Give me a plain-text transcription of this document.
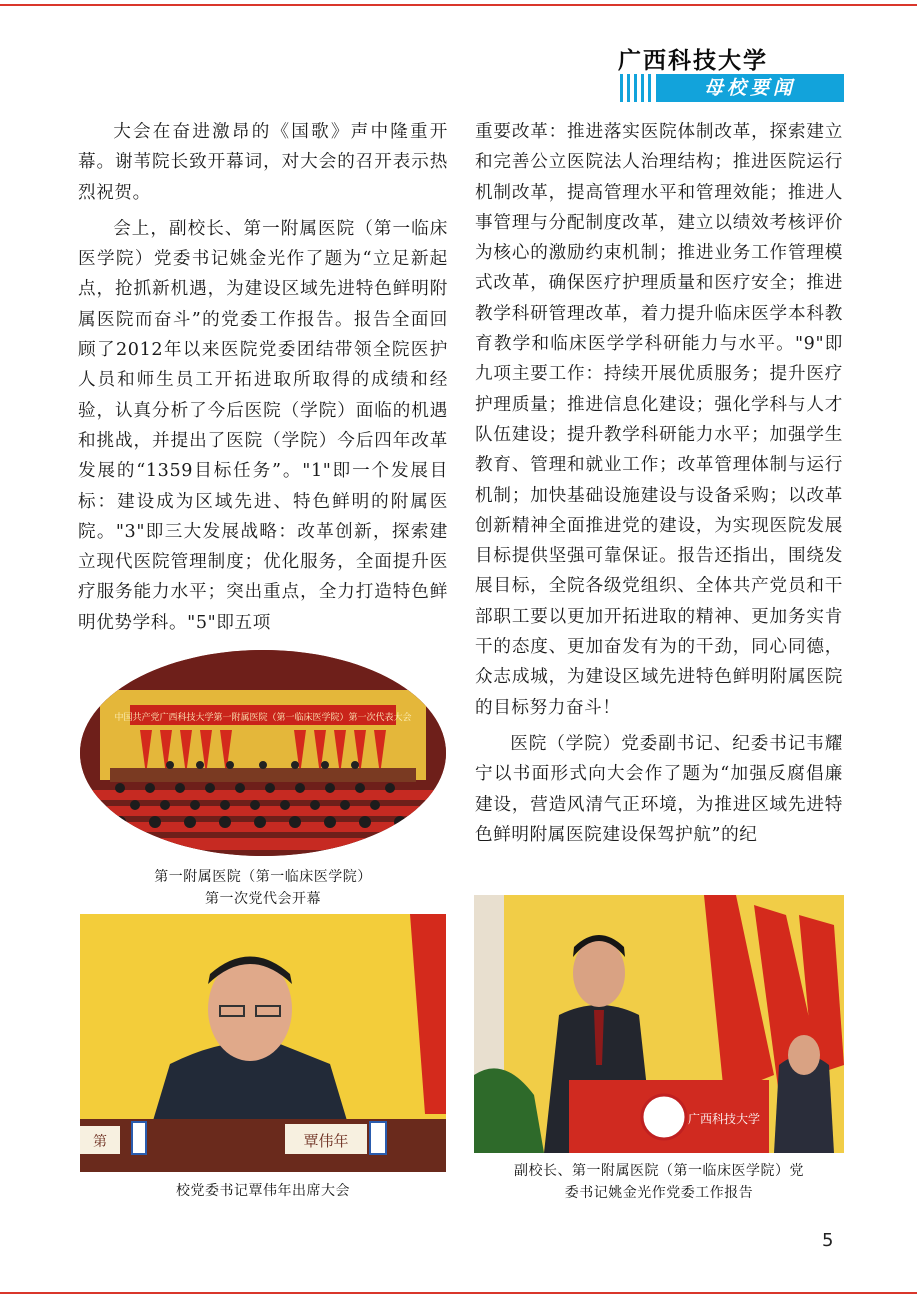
广西科技大学
母校要闻

大会在奋进激昂的《国歌》声中隆重开幕。谢苇院长致开幕词，对大会的召开表示热烈祝贺。

会上，副校长、第一附属医院（第一临床医学院）党委书记姚金光作了题为“立足新起点，抢抓新机遇，为建设区域先进特色鲜明附属医院而奋斗”的党委工作报告。报告全面回顾了2012年以来医院党委团结带领全院医护人员和师生员工开拓进取所取得的成绩和经验，认真分析了今后医院（学院）面临的机遇和挑战，并提出了医院（学院）今后四年改革发展的“1359目标任务”。"1"即一个发展目标：建设成为区域先进、特色鲜明的附属医院。"3"即三大发展战略：改革创新，探索建立现代医院管理制度；优化服务，全面提升医疗服务能力水平；突出重点，全力打造特色鲜明优势学科。"5"即五项

重要改革：推进落实医院体制改革，探索建立和完善公立医院法人治理结构；推进医院运行机制改革，提高管理水平和管理效能；推进人事管理与分配制度改革，建立以绩效考核评价为核心的激励约束机制；推进业务工作管理模式改革，确保医疗护理质量和医疗安全；推进教学科研管理改革，着力提升临床医学本科教育教学和临床医学学科研能力与水平。"9"即九项主要工作：持续开展优质服务；提升医疗护理质量；推进信息化建设；强化学科与人才队伍建设；提升教学科研能力水平；加强学生教育、管理和就业工作；改革管理体制与运行机制；加快基础设施建设与设备采购；以改革创新精神全面推进党的建设，为实现医院发展目标提供坚强可靠保证。报告还指出，围绕发展目标，全院各级党组织、全体共产党员和干部职工要以更加开拓进取的精神、更加务实肯干的态度、更加奋发有为的干劲，同心同德，众志成城，为建设区域先进特色鲜明附属医院的目标努力奋斗！

医院（学院）党委副书记、纪委书记韦耀宁以书面形式向大会作了题为“加强反腐倡廉建设，营造风清气正环境，为推进区域先进特色鲜明附属医院建设保驾护航”的纪

中国共产党广西科技大学第一附属医院（第一临床医学院）第一次代表大会
第一附属医院（第一临床医学院）
第一次党代会开幕
第	覃伟年
校党委书记覃伟年出席大会
广西科技大学
副校长、第一附属医院（第一临床医学院）党
委书记姚金光作党委工作报告
5
